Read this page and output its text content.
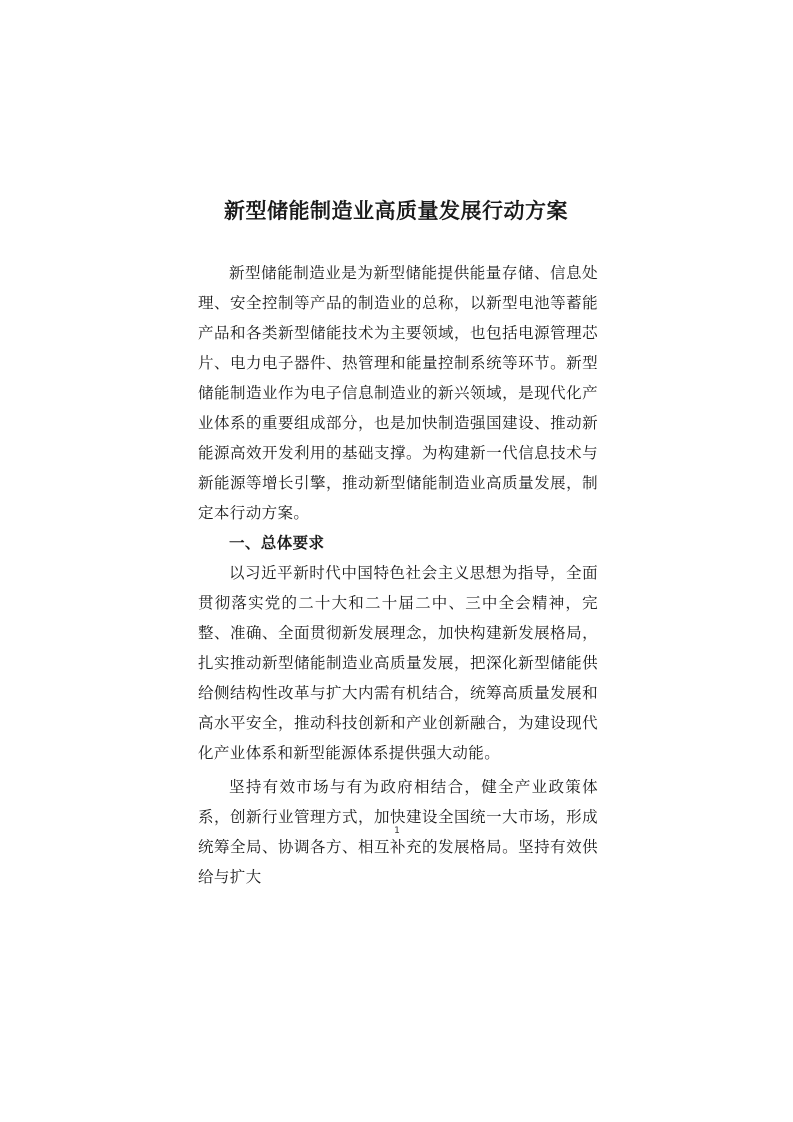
新型储能制造业高质量发展行动方案

新型储能制造业是为新型储能提供能量存储、信息处理、安全控制等产品的制造业的总称，以新型电池等蓄能产品和各类新型储能技术为主要领域，也包括电源管理芯片、电力电子器件、热管理和能量控制系统等环节。新型储能制造业作为电子信息制造业的新兴领域，是现代化产业体系的重要组成部分，也是加快制造强国建设、推动新能源高效开发利用的基础支撑。为构建新一代信息技术与新能源等增长引擎，推动新型储能制造业高质量发展，制定本行动方案。

一、总体要求

以习近平新时代中国特色社会主义思想为指导，全面贯彻落实党的二十大和二十届二中、三中全会精神，完整、准确、全面贯彻新发展理念，加快构建新发展格局，扎实推动新型储能制造业高质量发展，把深化新型储能供给侧结构性改革与扩大内需有机结合，统筹高质量发展和高水平安全，推动科技创新和产业创新融合，为建设现代化产业体系和新型能源体系提供强大动能。

坚持有效市场与有为政府相结合，健全产业政策体系，创新行业管理方式，加快建设全国统一大市场，形成统筹全局、协调各方、相互补充的发展格局。坚持有效供给与扩大

1
